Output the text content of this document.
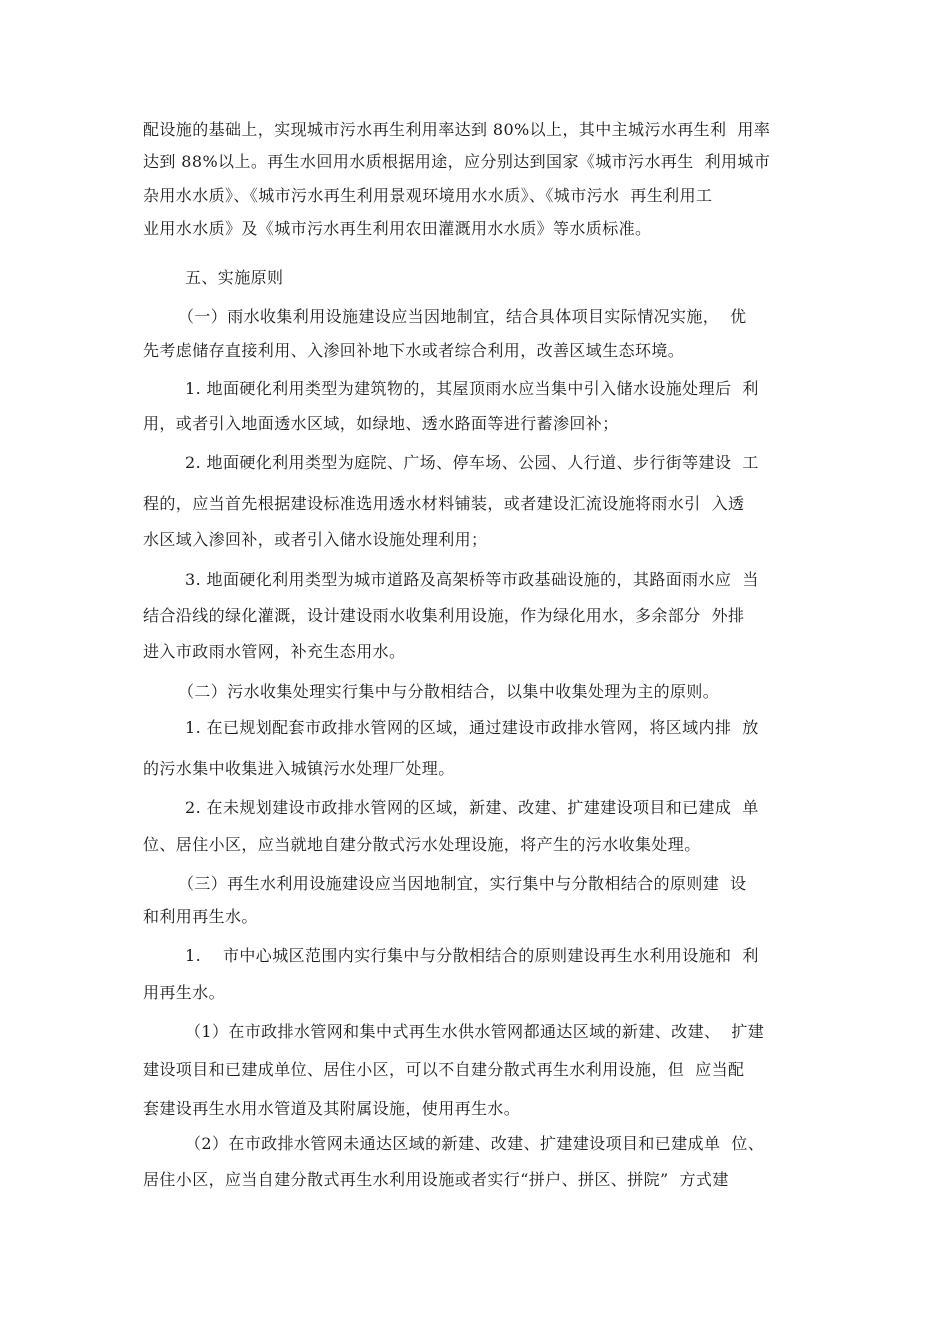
配设施的基础上，实现城市污水再生利用率达到 80%以上，其中主城污水再生利  用率
达到 88%以上。再生水回用水质根据用途，应分别达到国家《城市污水再生  利用城市
杂用水水质》、《城市污水再生利用景观环境用水水质》、《城市污水  再生利用工
业用水水质》及《城市污水再生利用农田灌溉用水水质》等水质标准。
五、实施原则
（一）雨水收集利用设施建设应当因地制宜，结合具体项目实际情况实施，  优
先考虑储存直接利用、入渗回补地下水或者综合利用，改善区域生态环境。
1. 地面硬化利用类型为建筑物的，其屋顶雨水应当集中引入储水设施处理后  利
用，或者引入地面透水区域，如绿地、透水路面等进行蓄渗回补；
2. 地面硬化利用类型为庭院、广场、停车场、公园、人行道、步行街等建设  工
程的，应当首先根据建设标准选用透水材料铺装，或者建设汇流设施将雨水引  入透
水区域入渗回补，或者引入储水设施处理利用；
3. 地面硬化利用类型为城市道路及高架桥等市政基础设施的，其路面雨水应  当
结合沿线的绿化灌溉，设计建设雨水收集利用设施，作为绿化用水，多余部分  外排
进入市政雨水管网，补充生态用水。
（二）污水收集处理实行集中与分散相结合，以集中收集处理为主的原则。
1. 在已规划配套市政排水管网的区域，通过建设市政排水管网，将区域内排  放
的污水集中收集进入城镇污水处理厂处理。
2. 在未规划建设市政排水管网的区域，新建、改建、扩建建设项目和已建成  单
位、居住小区，应当就地自建分散式污水处理设施，将产生的污水收集处理。
（三）再生水利用设施建设应当因地制宜，实行集中与分散相结合的原则建  设
和利用再生水。
1.    市中心城区范围内实行集中与分散相结合的原则建设再生水利用设施和  利
用再生水。
（1）在市政排水管网和集中式再生水供水管网都通达区域的新建、改建、  扩建
建设项目和已建成单位、居住小区，可以不自建分散式再生水利用设施，但  应当配
套建设再生水用水管道及其附属设施，使用再生水。
（2）在市政排水管网未通达区域的新建、改建、扩建建设项目和已建成单  位、
居住小区，应当自建分散式再生水利用设施或者实行“拼户、拼区、拼院”  方式建
